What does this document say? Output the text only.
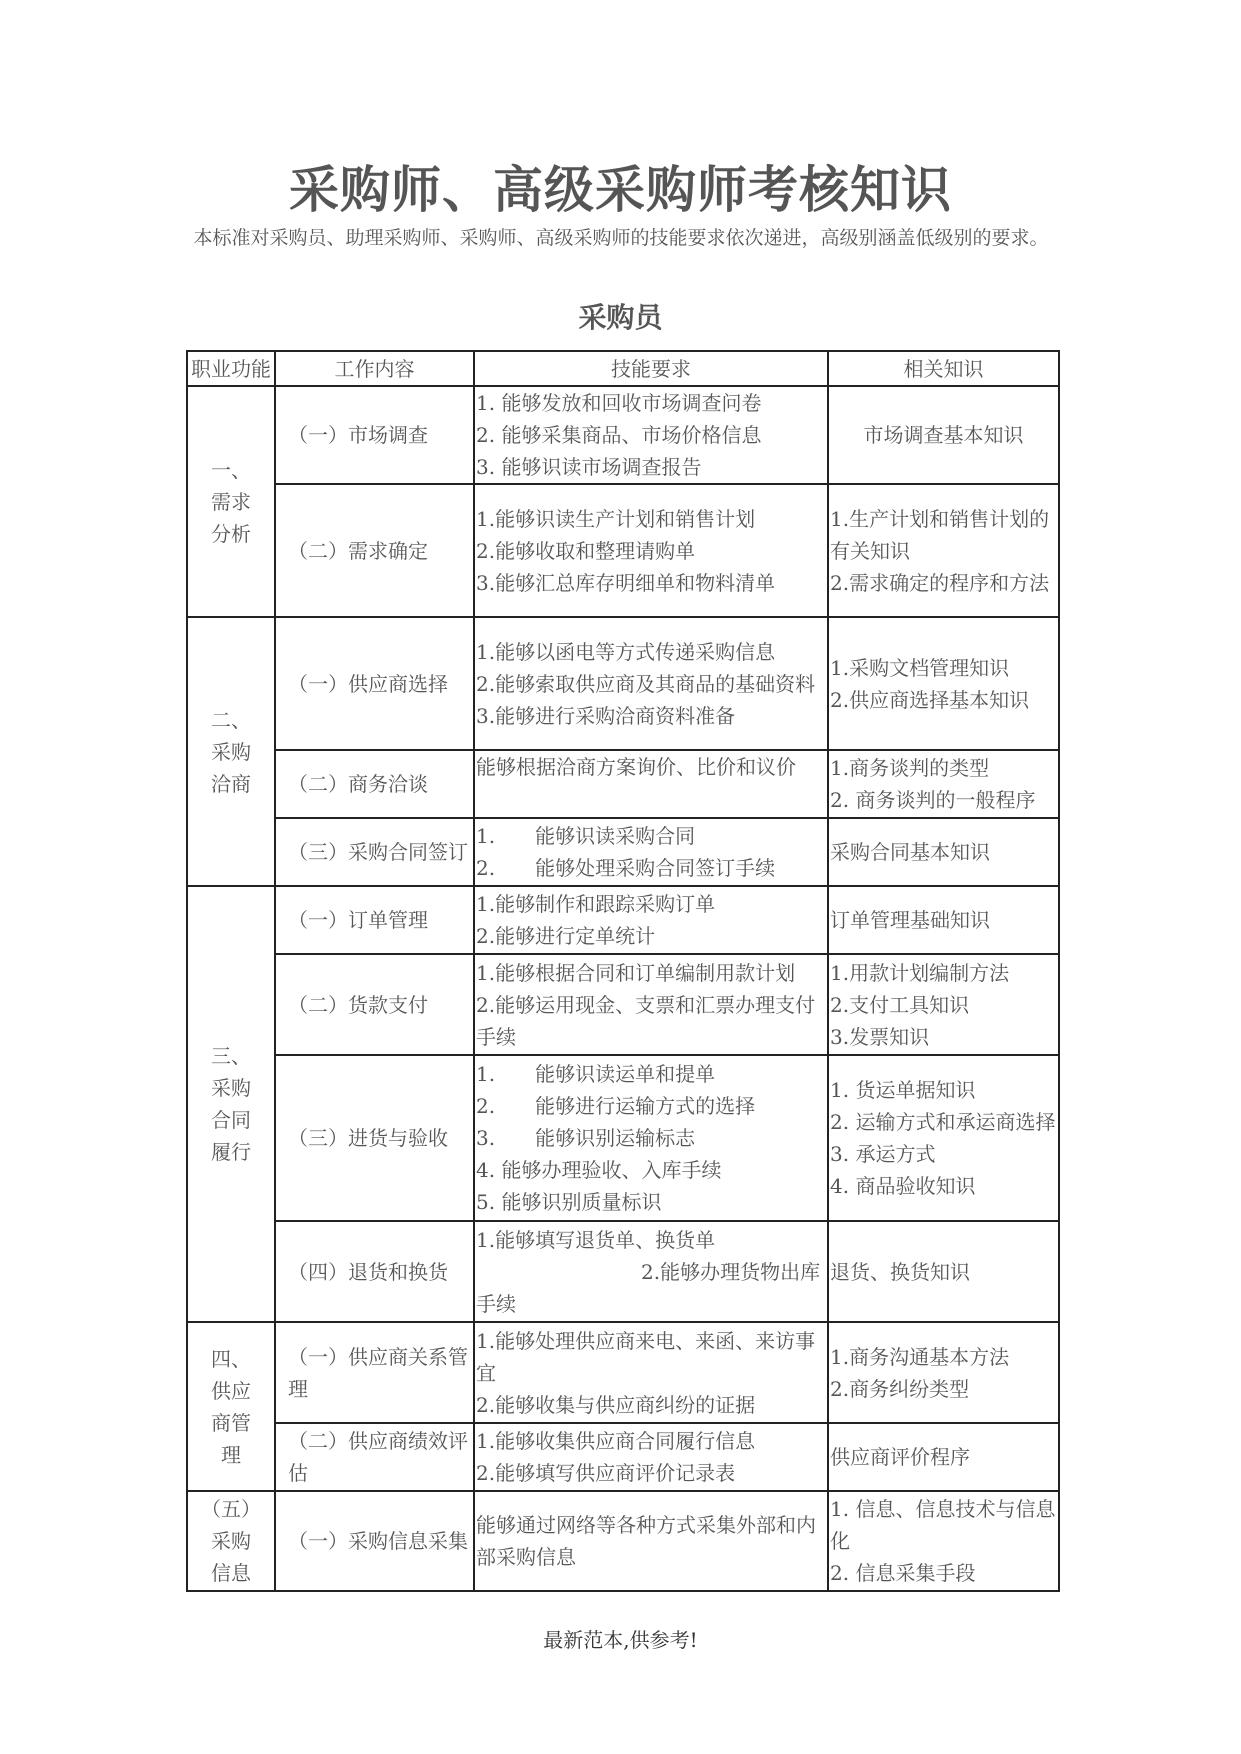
采购师、高级采购师考核知识
本标准对采购员、助理采购师、采购师、高级采购师的技能要求依次递进，高级别涵盖低级别的要求。
采购员
职业功能	工作内容	技能要求	相关知识

一、
需求
分析	（一）市场调查	1. 能够发放和回收市场调查问卷
2. 能够采集商品、市场价格信息
3. 能够识读市场调查报告	市场调查基本知识

	（二）需求确定	1.能够识读生产计划和销售计划
2.能够收取和整理请购单
3.能够汇总库存明细单和物料清单	1.生产计划和销售计划的有关知识
2.需求确定的程序和方法

二、
采购
洽商	（一）供应商选择	1.能够以函电等方式传递采购信息
2.能够索取供应商及其商品的基础资料
3.能够进行采购洽商资料准备	1.采购文档管理知识
2.供应商选择基本知识

	（二）商务洽谈	能够根据洽商方案询价、比价和议价	1.商务谈判的类型
2. 商务谈判的一般程序

	（三）采购合同签订	1. 能够识读采购合同
2. 能够处理采购合同签订手续	采购合同基本知识

三、
采购
合同
履行	（一）订单管理	1.能够制作和跟踪采购订单
2.能够进行定单统计	订单管理基础知识

	（二）货款支付	1.能够根据合同和订单编制用款计划
2.能够运用现金、支票和汇票办理支付手续	1.用款计划编制方法
2.支付工具知识
3.发票知识

	（三）进货与验收	1. 能够识读运单和提单
2. 能够进行运输方式的选择
3. 能够识别运输标志
4. 能够办理验收、入库手续
5. 能够识别质量标识	1. 货运单据知识
2. 运输方式和承运商选择
3. 承运方式
4. 商品验收知识

	（四）退货和换货	1.能够填写退货单、换货单
2.能够办理货物出库
手续	退货、换货知识

四、
供应
商管
理	（一）供应商关系管理	1.能够处理供应商来电、来函、来访事宜
2.能够收集与供应商纠纷的证据	1.商务沟通基本方法
2.商务纠纷类型

	（二）供应商绩效评估	1.能够收集供应商合同履行信息
2.能够填写供应商评价记录表	供应商评价程序

（五）
采购
信息	（一）采购信息采集	能够通过网络等各种方式采集外部和内部采购信息	1. 信息、信息技术与信息化
2. 信息采集手段
最新范本,供参考!
